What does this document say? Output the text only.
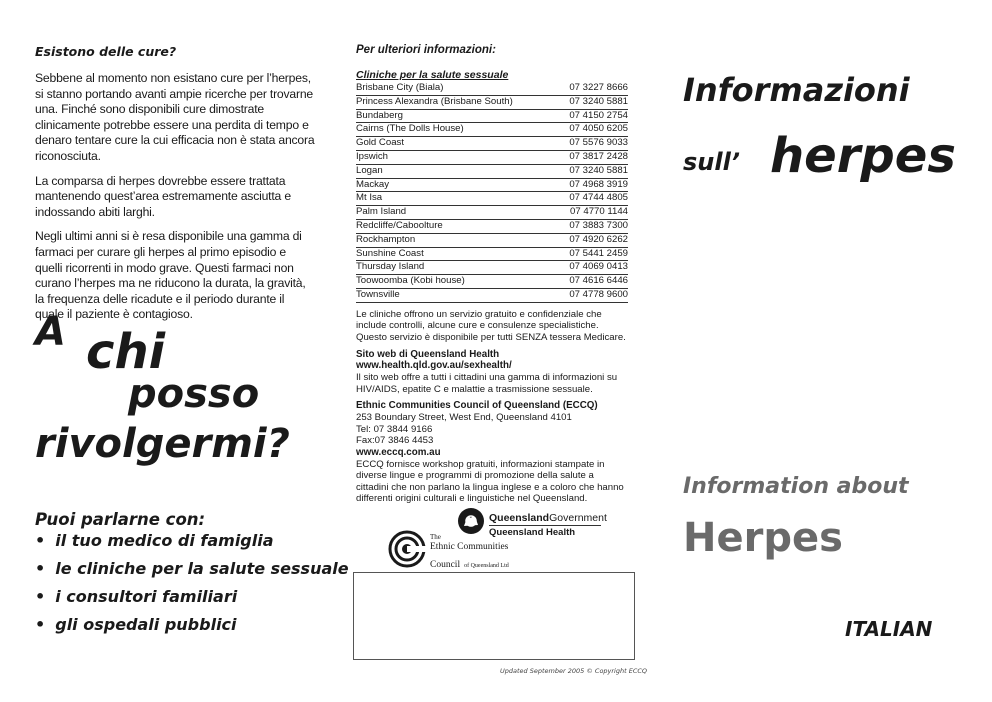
Esistono delle cure?

Sebbene al momento non esistano cure per l’herpes, si stanno portando avanti ampie ricerche per trovarne una. Finché sono disponibili cure dimostrate clinicamente potrebbe essere una perdita di tempo e denaro tentare cure la cui efficacia non è stata ancora riconosciuta.

La comparsa di herpes dovrebbe essere trattata mantenendo quest’area estremamente asciutta e indossando abiti larghi.

Negli ultimi anni si è resa disponibile una gamma di farmaci per curare gli herpes al primo episodio e quelli ricorrenti in modo grave. Questi farmaci non curano l’herpes ma ne riducono la durata, la gravità, la frequenza delle ricadute e il periodo durante il quale il paziente è contagioso.

A chi
posso
rivolgermi?
Puoi parlarne con:
• il tuo medico di famiglia
• le cliniche per la salute sessuale
• i consultori familiari
• gli ospedali pubblici

Per ulteriori informazioni:

Cliniche per la salute sessuale

Brisbane City (Biala)	07 3227 8666
Princess Alexandra (Brisbane South)	07 3240 5881
Bundaberg	07 4150 2754
Cairns (The Dolls House)	07 4050 6205
Gold Coast	07 5576 9033
Ipswich	07 3817 2428
Logan	07 3240 5881
Mackay	07 4968 3919
Mt Isa	07 4744 4805
Palm Island	07 4770 1144
Redcliffe/Caboolture	07 3883 7300
Rockhampton	07 4920 6262
Sunshine Coast	07 5441 2459
Thursday Island	07 4069 0413
Toowoomba (Kobi house)	07 4616 6446
Townsville	07 4778 9600

Le cliniche offrono un servizio gratuito e confidenziale che include controlli, alcune cure e consulenze specialistiche. Questo servizio è disponibile per tutti SENZA tessera Medicare.

Sito web di Queensland Health

www.health.qld.gov.au/sexhealth/

Il sito web offre a tutti i cittadini una gamma di informazioni su HIV/AIDS, epatite C e malattie a trasmissione sessuale.

Ethnic Communities Council of Queensland (ECCQ)

253 Boundary Street, West End, Queensland 4101

Tel: 07 3844 9166

Fax:07 3846 4453

www.eccq.com.au

ECCQ fornisce workshop gratuiti, informazioni stampate in diverse lingue e programmi di promozione della salute a cittadini che non parlano la lingua inglese e a coloro che hanno differenti origini culturali e linguistiche nel Queensland.

QueenslandGovernment
Queensland Health
The
Ethnic Communities
Council of Queensland Ltd
Updated September 2005 © Copyright ECCQ
Informazioni
sull’ herpes
Information about
Herpes
ITALIAN
